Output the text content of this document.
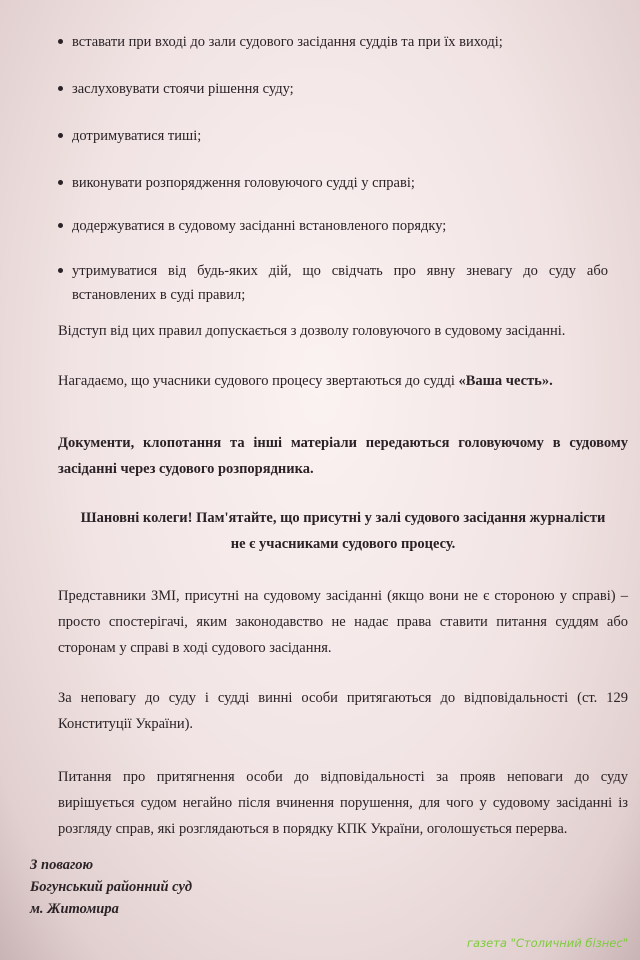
вставати при вході до зали судового засідання суддів та при їх виході;
заслуховувати стоячи рішення суду;
дотримуватися тиші;
виконувати розпорядження головуючого судді у справі;
додержуватися в судовому засіданні встановленого порядку;
утримуватися від будь-яких дій, що свідчать про явну зневагу до суду або встановлених в суді правил;

Відступ від цих правил допускається з дозволу головуючого в судовому засіданні.

Нагадаємо, що учасники судового процесу звертаються до судді «Ваша честь».

Документи, клопотання та інші матеріали передаються головуючому в судовому засіданні через судового розпорядника.

Шановні колеги! Пам'ятайте, що присутні у залі судового засідання журналісти
не є учасниками судового процесу.

Представники ЗМІ, присутні на судовому засіданні (якщо вони не є стороною у справі) – просто спостерігачі, яким законодавство не надає права ставити питання суддям або сторонам у справі в ході судового засідання.

За неповагу до суду і судді винні особи притягаються до відповідальності (ст. 129 Конституції України).

Питання про притягнення особи до відповідальності за прояв неповаги до суду вирішується судом негайно після вчинення порушення, для чого у судовому засіданні із розгляду справ, які розглядаються в порядку КПК України, оголошується перерва.

З повагою
Богунський районний суд
м. Житомира
газета "Столичний бізнес"
